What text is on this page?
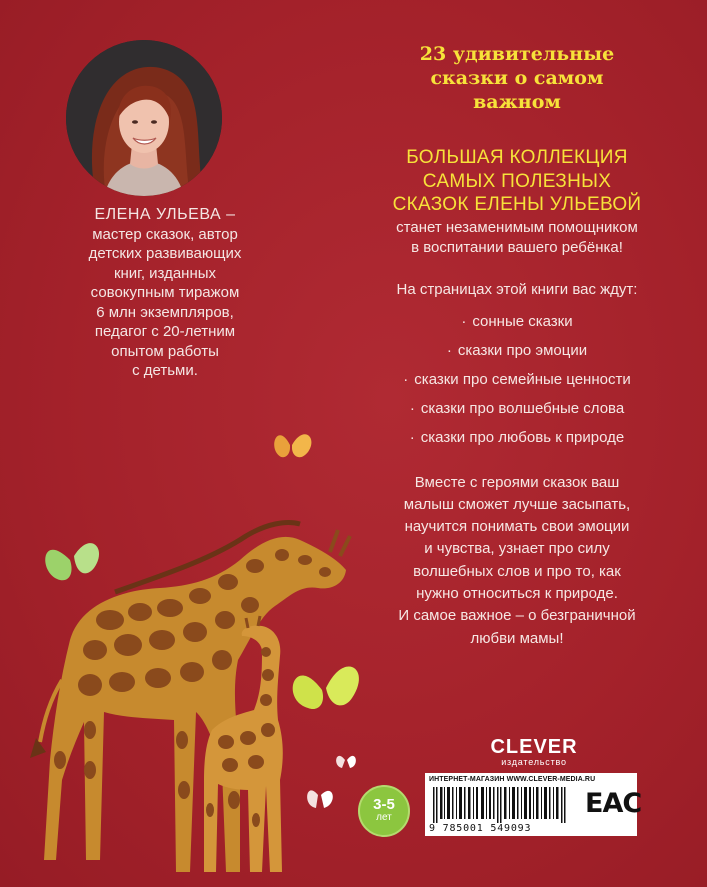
ЕЛЕНА УЛЬЕВА –
мастер сказок, автор
детских развивающих
книг, изданных
совокупным тиражом
6 млн экземпляров,
педагог с 20-летним
опытом работы
с детьми.
23 удивительные
сказки о самом
важном
БОЛЬШАЯ КОЛЛЕКЦИЯ
САМЫХ ПОЛЕЗНЫХ
СКАЗОК ЕЛЕНЫ УЛЬЕВОЙ
станет незаменимым помощником
в воспитании вашего ребёнка!
На страницах этой книги вас ждут:
· сонные сказки
· сказки про эмоции
· сказки про семейные ценности
· сказки про волшебные слова
· сказки про любовь к природе
Вместе с героями сказок ваш
малыш сможет лучше засыпать,
научится понимать свои эмоции
и чувства, узнает про силу
волшебных слов и про то, как
нужно относиться к природе.
И самое важное – о безграничной
любви мамы!
CLEVER
издательство
3-5
лет
ИНТЕРНЕТ-МАГАЗИН WWW.CLEVER-MEDIA.RU
9 785001 549093
EAC
